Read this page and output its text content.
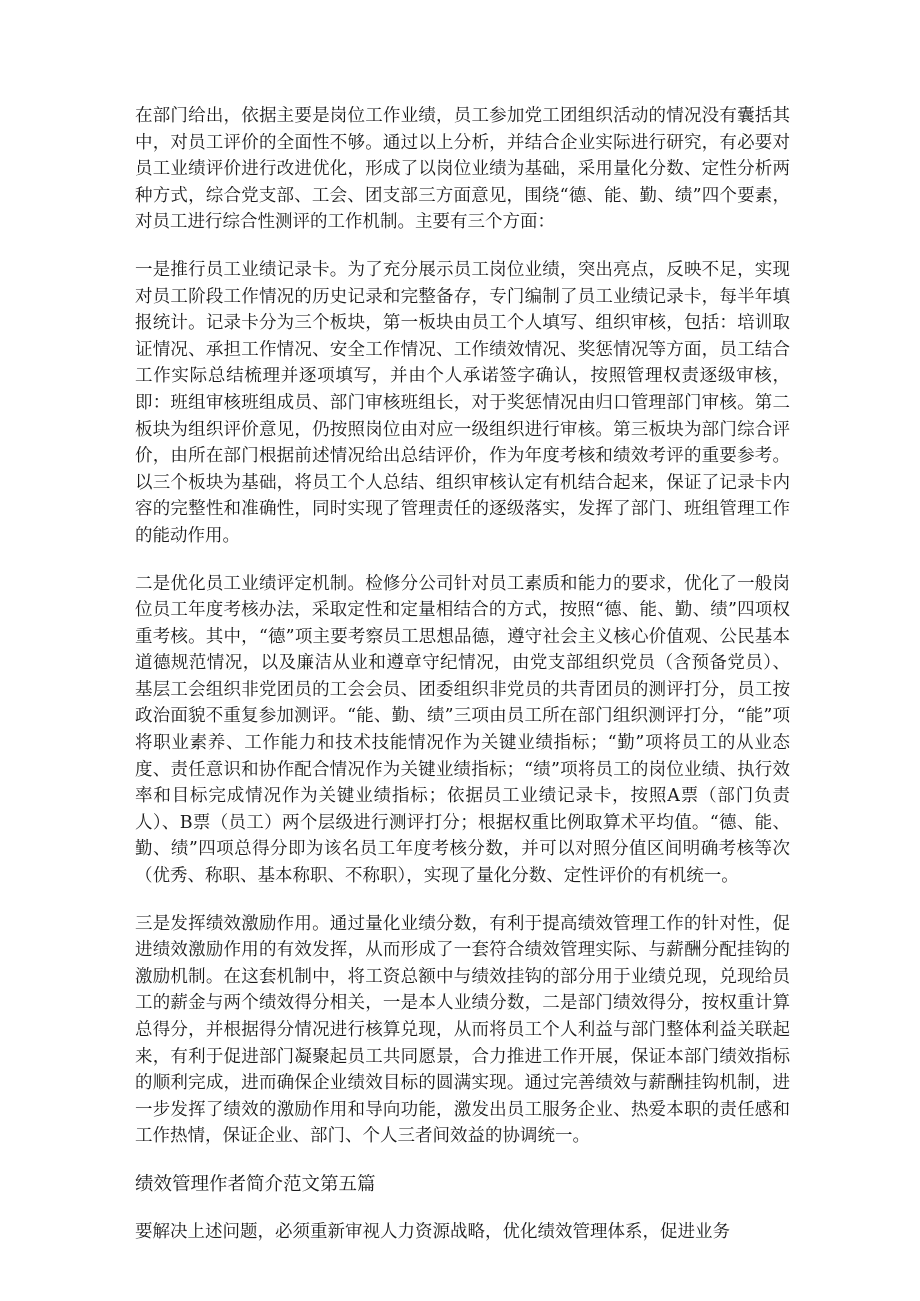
在部门给出，依据主要是岗位工作业绩，员工参加党工团组织活动的情况没有囊括其中，对员工评价的全面性不够。通过以上分析，并结合企业实际进行研究，有必要对员工业绩评价进行改进优化，形成了以岗位业绩为基础，采用量化分数、定性分析两种方式，综合党支部、工会、团支部三方面意见，围绕“德、能、勤、绩”四个要素，对员工进行综合性测评的工作机制。主要有三个方面：

一是推行员工业绩记录卡。为了充分展示员工岗位业绩，突出亮点，反映不足，实现对员工阶段工作情况的历史记录和完整备存，专门编制了员工业绩记录卡，每半年填报统计。记录卡分为三个板块，第一板块由员工个人填写、组织审核，包括：培训取证情况、承担工作情况、安全工作情况、工作绩效情况、奖惩情况等方面，员工结合工作实际总结梳理并逐项填写，并由个人承诺签字确认，按照管理权责逐级审核，即：班组审核班组成员、部门审核班组长，对于奖惩情况由归口管理部门审核。第二板块为组织评价意见，仍按照岗位由对应一级组织进行审核。第三板块为部门综合评价，由所在部门根据前述情况给出总结评价，作为年度考核和绩效考评的重要参考。以三个板块为基础，将员工个人总结、组织审核认定有机结合起来，保证了记录卡内容的完整性和准确性，同时实现了管理责任的逐级落实，发挥了部门、班组管理工作的能动作用。

二是优化员工业绩评定机制。检修分公司针对员工素质和能力的要求，优化了一般岗位员工年度考核办法，采取定性和定量相结合的方式，按照“德、能、勤、绩”四项权重考核。其中，“德”项主要考察员工思想品德，遵守社会主义核心价值观、公民基本道德规范情况，以及廉洁从业和遵章守纪情况，由党支部组织党员（含预备党员）、基层工会组织非党团员的工会会员、团委组织非党员的共青团员的测评打分，员工按政治面貌不重复参加测评。“能、勤、绩”三项由员工所在部门组织测评打分，“能”项将职业素养、工作能力和技术技能情况作为关键业绩指标；“勤”项将员工的从业态度、责任意识和协作配合情况作为关键业绩指标；“绩”项将员工的岗位业绩、执行效率和目标完成情况作为关键业绩指标；依据员工业绩记录卡，按照A票（部门负责人）、B票（员工）两个层级进行测评打分；根据权重比例取算术平均值。“德、能、勤、绩”四项总得分即为该名员工年度考核分数，并可以对照分值区间明确考核等次（优秀、称职、基本称职、不称职），实现了量化分数、定性评价的有机统一。

三是发挥绩效激励作用。通过量化业绩分数，有利于提高绩效管理工作的针对性，促进绩效激励作用的有效发挥，从而形成了一套符合绩效管理实际、与薪酬分配挂钩的激励机制。在这套机制中，将工资总额中与绩效挂钩的部分用于业绩兑现，兑现给员工的薪金与两个绩效得分相关，一是本人业绩分数，二是部门绩效得分，按权重计算总得分，并根据得分情况进行核算兑现，从而将员工个人利益与部门整体利益关联起来，有利于促进部门凝聚起员工共同愿景，合力推进工作开展，保证本部门绩效指标的顺利完成，进而确保企业绩效目标的圆满实现。通过完善绩效与薪酬挂钩机制，进一步发挥了绩效的激励作用和导向功能，激发出员工服务企业、热爱本职的责任感和工作热情，保证企业、部门、个人三者间效益的协调统一。

绩效管理作者简介范文第五篇

要解决上述问题，必须重新审视人力资源战略，优化绩效管理体系，促进业务
